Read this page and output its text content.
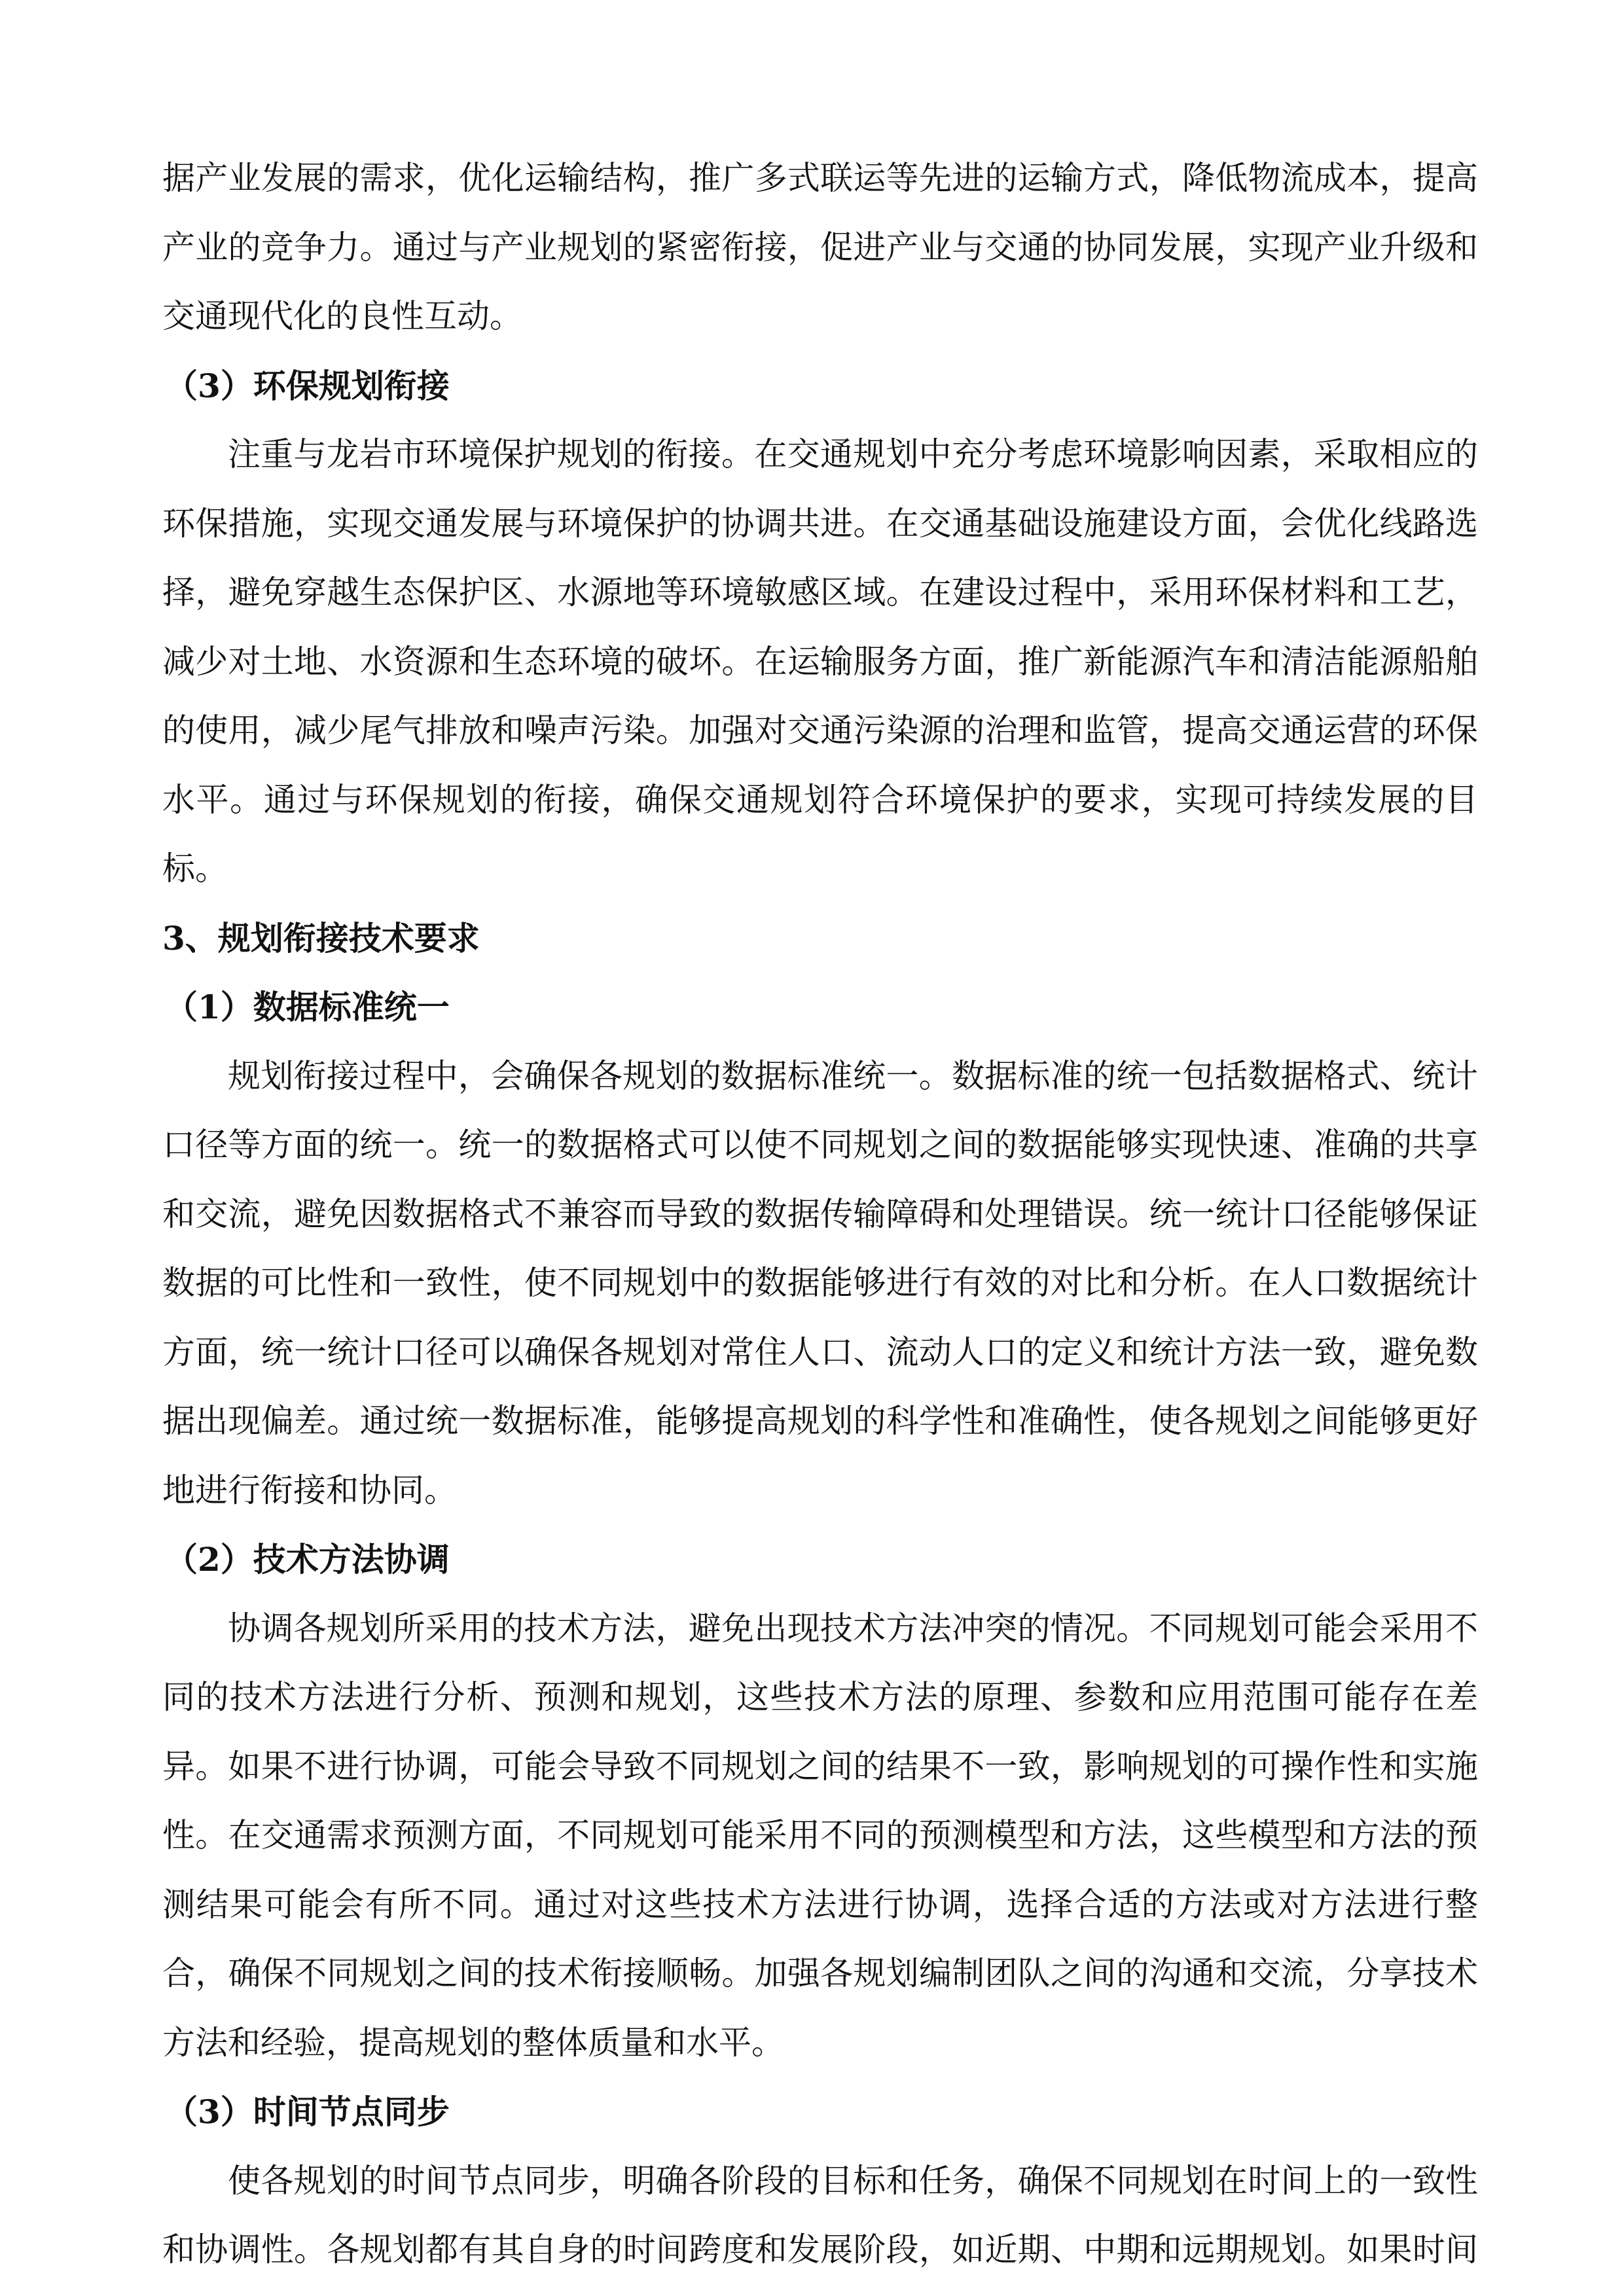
据产业发展的需求，优化运输结构，推广多式联运等先进的运输方式，降低物流成本，提高
产业的竞争力。通过与产业规划的紧密衔接，促进产业与交通的协同发展，实现产业升级和
交通现代化的良性互动。
（3）环保规划衔接
注重与龙岩市环境保护规划的衔接。在交通规划中充分考虑环境影响因素，采取相应的
环保措施，实现交通发展与环境保护的协调共进。在交通基础设施建设方面，会优化线路选
择，避免穿越生态保护区、水源地等环境敏感区域。在建设过程中，采用环保材料和工艺，
减少对土地、水资源和生态环境的破坏。在运输服务方面，推广新能源汽车和清洁能源船舶
的使用，减少尾气排放和噪声污染。加强对交通污染源的治理和监管，提高交通运营的环保
水平。通过与环保规划的衔接，确保交通规划符合环境保护的要求，实现可持续发展的目
标。
3、规划衔接技术要求
（1）数据标准统一
规划衔接过程中，会确保各规划的数据标准统一。数据标准的统一包括数据格式、统计
口径等方面的统一。统一的数据格式可以使不同规划之间的数据能够实现快速、准确的共享
和交流，避免因数据格式不兼容而导致的数据传输障碍和处理错误。统一统计口径能够保证
数据的可比性和一致性，使不同规划中的数据能够进行有效的对比和分析。在人口数据统计
方面，统一统计口径可以确保各规划对常住人口、流动人口的定义和统计方法一致，避免数
据出现偏差。通过统一数据标准，能够提高规划的科学性和准确性，使各规划之间能够更好
地进行衔接和协同。
（2）技术方法协调
协调各规划所采用的技术方法，避免出现技术方法冲突的情况。不同规划可能会采用不
同的技术方法进行分析、预测和规划，这些技术方法的原理、参数和应用范围可能存在差
异。如果不进行协调，可能会导致不同规划之间的结果不一致，影响规划的可操作性和实施
性。在交通需求预测方面，不同规划可能采用不同的预测模型和方法，这些模型和方法的预
测结果可能会有所不同。通过对这些技术方法进行协调，选择合适的方法或对方法进行整
合，确保不同规划之间的技术衔接顺畅。加强各规划编制团队之间的沟通和交流，分享技术
方法和经验，提高规划的整体质量和水平。
（3）时间节点同步
使各规划的时间节点同步，明确各阶段的目标和任务，确保不同规划在时间上的一致性
和协调性。各规划都有其自身的时间跨度和发展阶段，如近期、中期和远期规划。如果时间
